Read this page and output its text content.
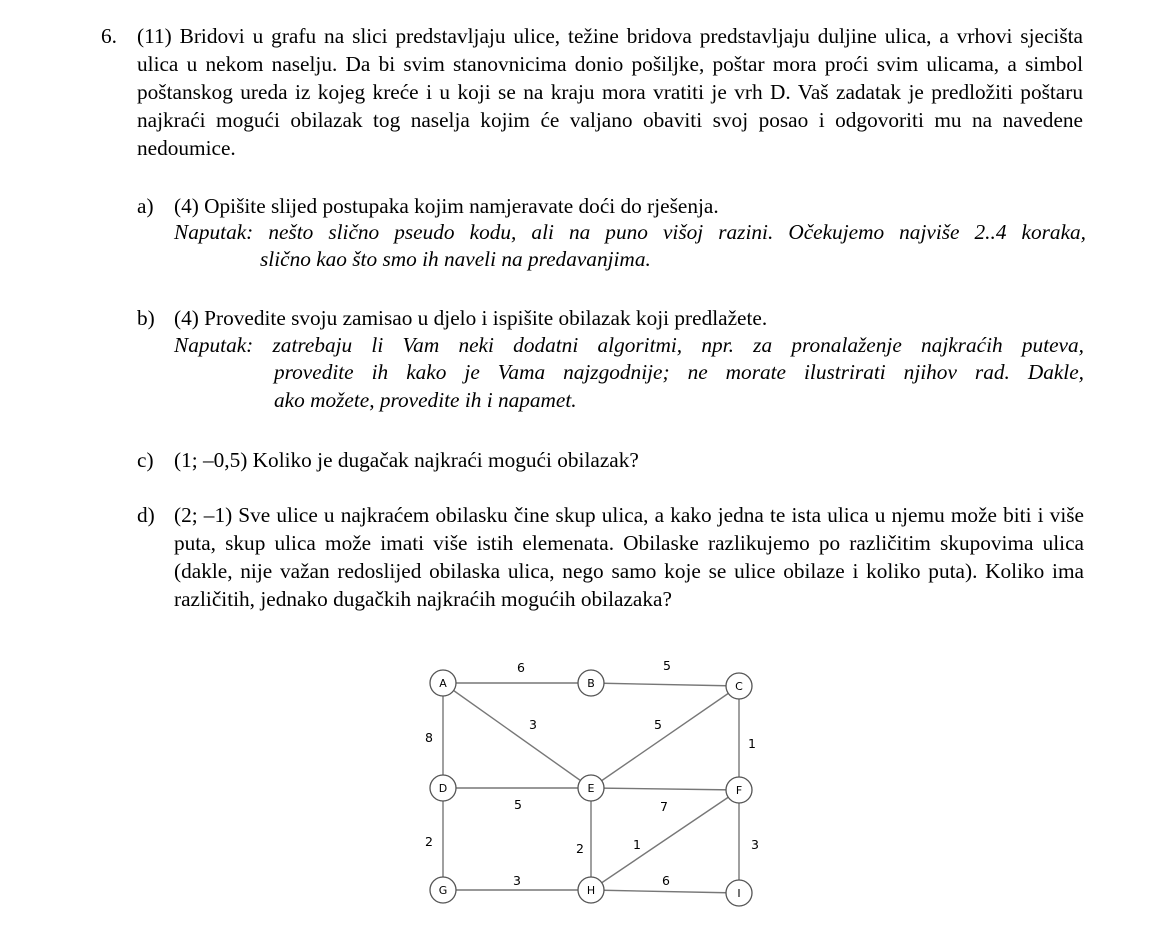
6. (11) Bridovi u grafu na slici predstavljaju ulice, težine bridova predstavljaju duljine ulica, a vrhovi sjecišta ulica u nekom naselju. Da bi svim stanovnicima donio pošiljke, poštar mora proći svim ulicama, a simbol poštanskog ureda iz kojeg kreće i u koji se na kraju mora vratiti je vrh D. Vaš zadatak je predložiti poštaru najkraći mogući obilazak tog naselja kojim će valjano obaviti svoj posao i odgovoriti mu na navedene nedoumice.

a) (4) Opišite slijed postupaka kojim namjeravate doći do rješenja.

Naputak: nešto slično pseudo kodu, ali na puno višoj razini. Očekujemo najviše 2..4 koraka,
slično kao što smo ih naveli na predavanjima.
b) (4) Provedite svoju zamisao u djelo i ispišite obilazak koji predlažete.

Naputak: zatrebaju li Vam neki dodatni algoritmi, npr. za pronalaženje najkraćih puteva,
provedite ih kako je Vama najzgodnije; ne morate ilustrirati njihov rad. Dakle,
ako možete, provedite ih i napamet.
c) (1; –0,5) Koliko je dugačak najkraći mogući obilazak?

d) (2; –1) Sve ulice u najkraćem obilasku čine skup ulica, a kako jedna te ista ulica u njemu može biti i više puta, skup ulica može imati više istih elemenata. Obilaske razlikujemo po različitim skupovima ulica (dakle, nije važan redoslijed obilaska ulica, nego samo koje se ulice obilaze i koliko puta). Koliko ima različitih, jednako dugačkih najkraćih mogućih obilazaka?

6	5
3	5
8	1
5	7
2	2	1	3
3	6
A	B	C
D	E	F
G	H	I
